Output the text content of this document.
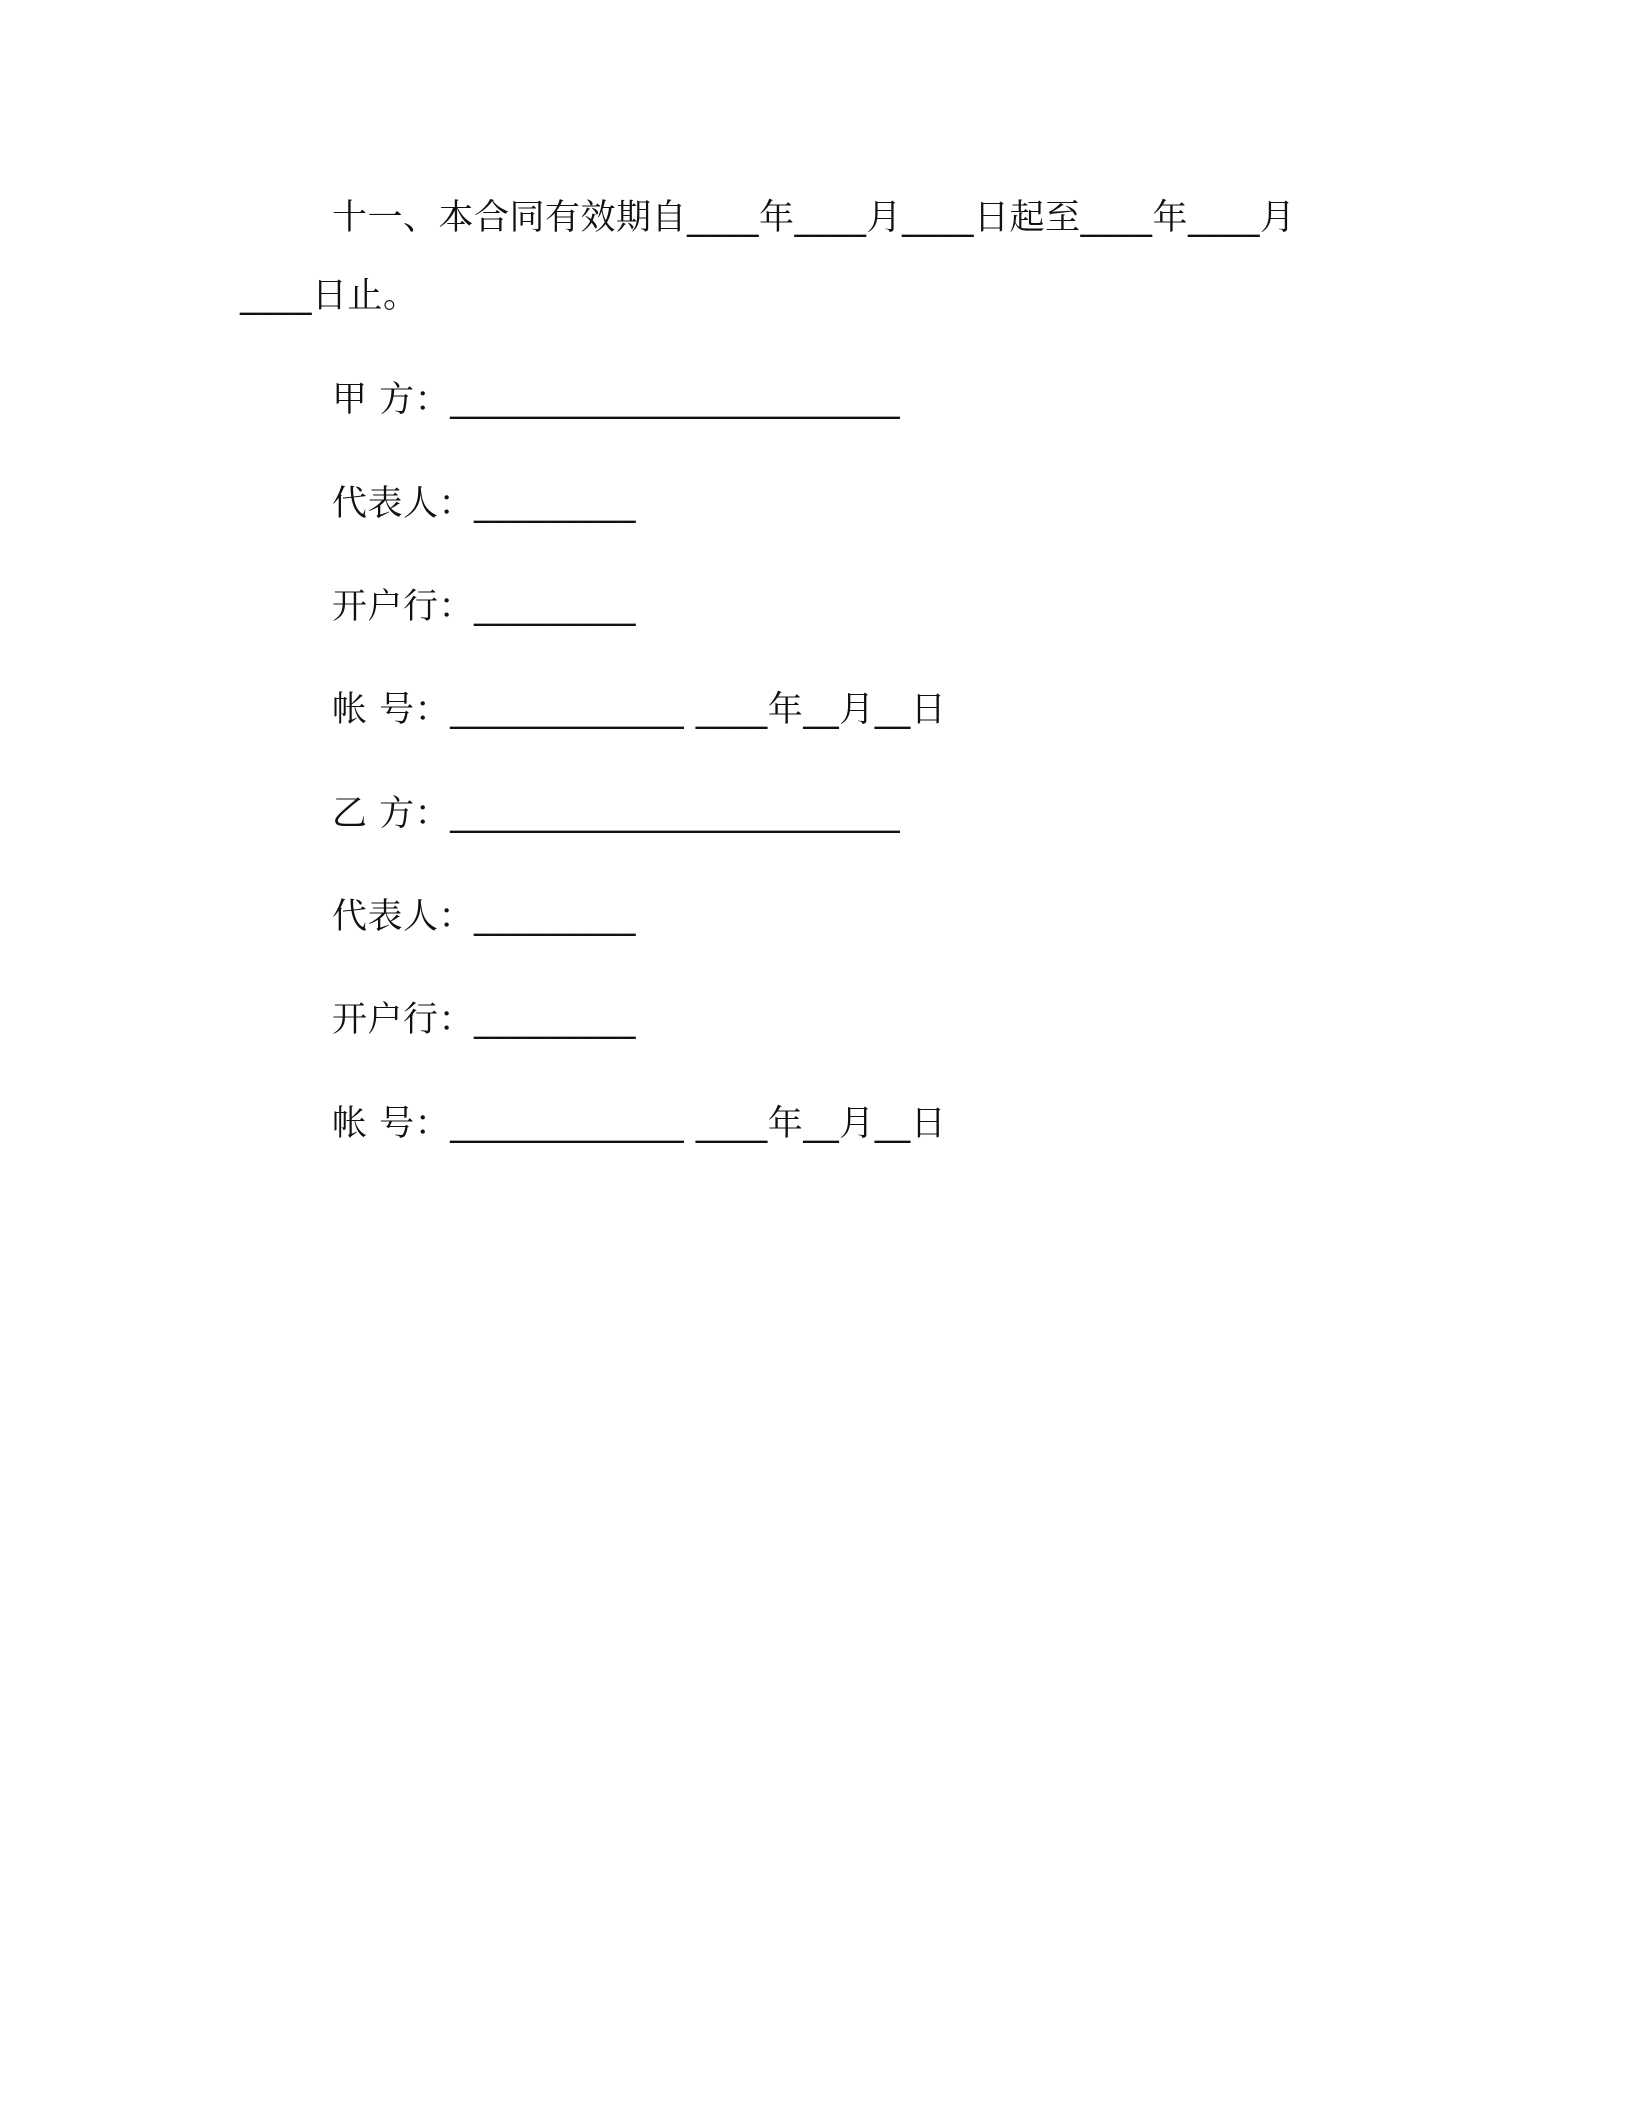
十一、本合同有效期自____年____月____日起至____年____月
____日止。
甲 方：_________________________
代表人：_________
开户行：_________
帐 号：_____________ ____年__月__日
乙 方：_________________________
代表人：_________
开户行：_________
帐 号：_____________ ____年__月__日
